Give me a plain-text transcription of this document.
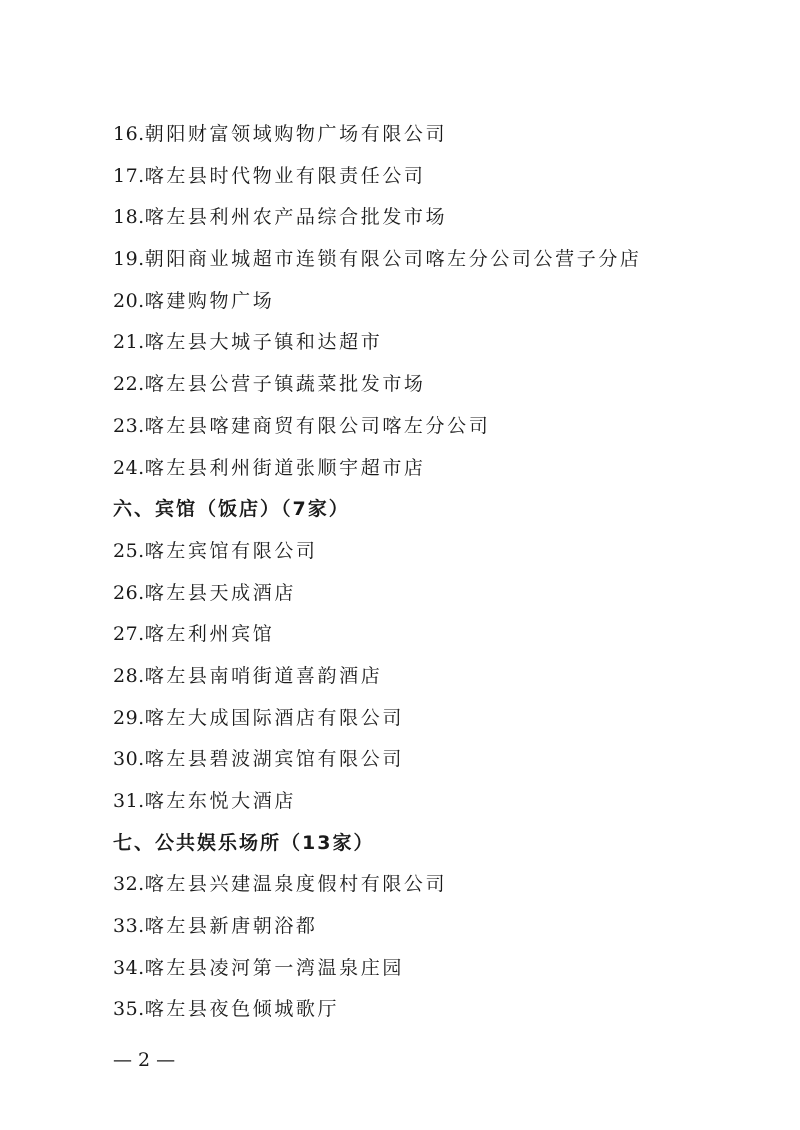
16.朝阳财富领域购物广场有限公司
17.喀左县时代物业有限责任公司
18.喀左县利州农产品综合批发市场
19.朝阳商业城超市连锁有限公司喀左分公司公营子分店
20.喀建购物广场
21.喀左县大城子镇和达超市
22.喀左县公营子镇蔬菜批发市场
23.喀左县喀建商贸有限公司喀左分公司
24.喀左县利州街道张顺宇超市店
六、宾馆（饭店）（7家）
25.喀左宾馆有限公司
26.喀左县天成酒店
27.喀左利州宾馆
28.喀左县南哨街道喜韵酒店
29.喀左大成国际酒店有限公司
30.喀左县碧波湖宾馆有限公司
31.喀左东悦大酒店
七、公共娱乐场所（13家）
32.喀左县兴建温泉度假村有限公司
33.喀左县新唐朝浴都
34.喀左县凌河第一湾温泉庄园
35.喀左县夜色倾城歌厅
— 2 —
